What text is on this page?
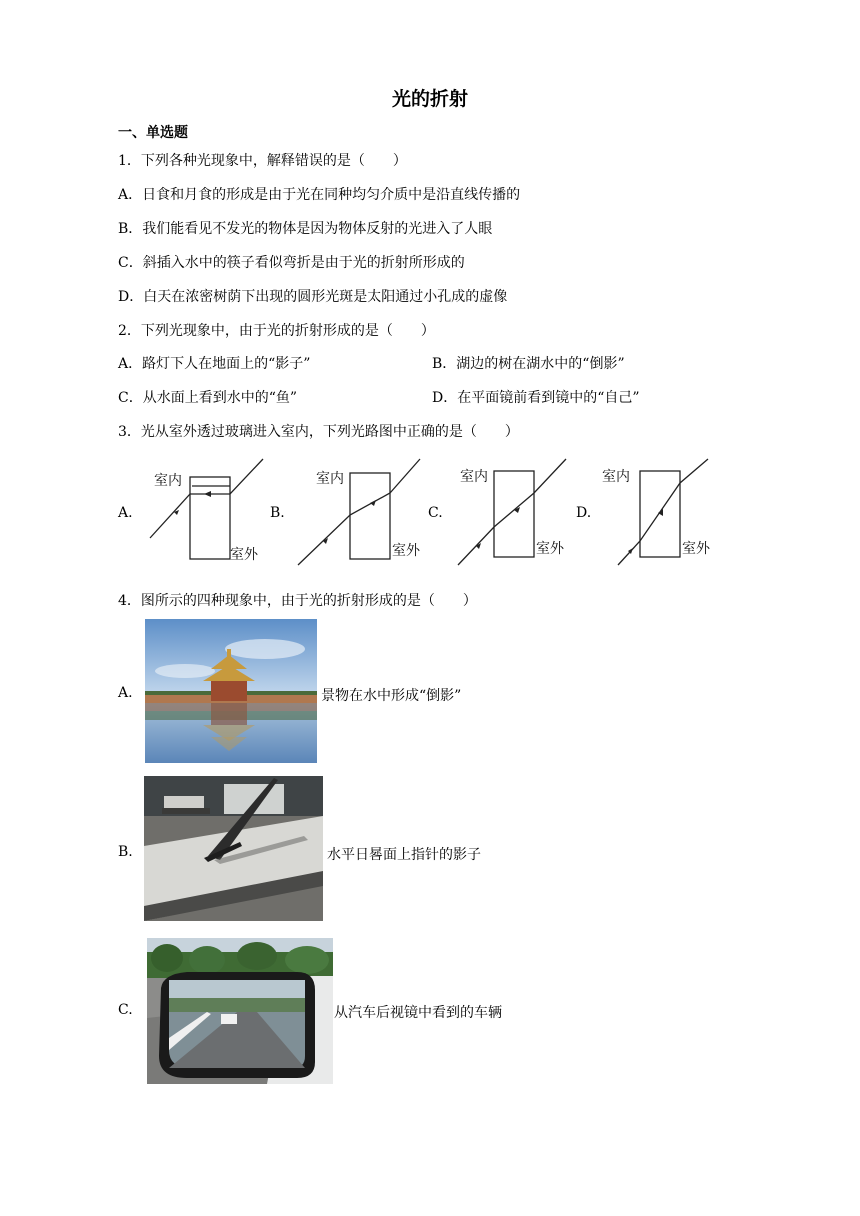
光的折射
一、单选题
1．下列各种光现象中，解释错误的是（　　）
A．日食和月食的形成是由于光在同种均匀介质中是沿直线传播的
B．我们能看见不发光的物体是因为物体反射的光进入了人眼
C．斜插入水中的筷子看似弯折是由于光的折射所形成的
D．白天在浓密树荫下出现的圆形光斑是太阳通过小孔成的虚像
2．下列光现象中，由于光的折射形成的是（　　）
A．路灯下人在地面上的“影子”	B．湖边的树在湖水中的“倒影”
C．从水面上看到水中的“鱼”	D．在平面镜前看到镜中的“自己”
3．光从室外透过玻璃进入室内，下列光路图中正确的是（　　）
A.
室内
室外
B.
室内
室外
C.
室内
室外
D.
室内
室外
4．图所示的四种现象中，由于光的折射形成的是（　　）
A.	景物在水中形成“倒影”
B.	水平日晷面上指针的影子
C.	从汽车后视镜中看到的车辆
